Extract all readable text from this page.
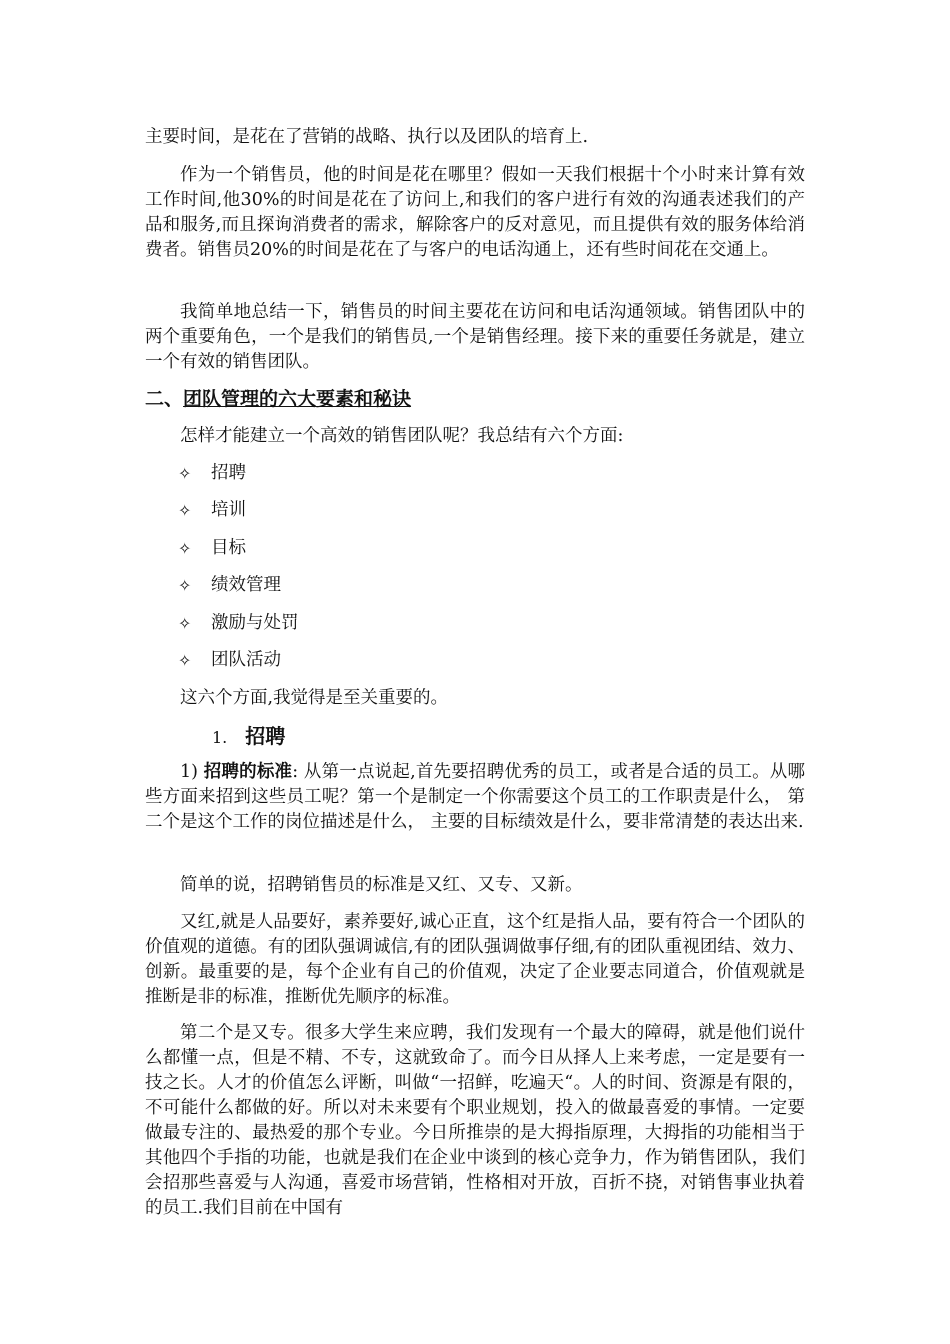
主要时间，是花在了营销的战略、执行以及团队的培育上.

作为一个销售员，他的时间是花在哪里？假如一天我们根据十个小时来计算有效工作时间,他30%的时间是花在了访问上,和我们的客户进行有效的沟通表述我们的产品和服务,而且探询消费者的需求，解除客户的反对意见，而且提供有效的服务体给消费者。销售员20%的时间是花在了与客户的电话沟通上，还有些时间花在交通上。

我简单地总结一下，销售员的时间主要花在访问和电话沟通领域。销售团队中的两个重要角色，一个是我们的销售员,一个是销售经理。接下来的重要任务就是，建立一个有效的销售团队。

二、团队管理的六大要素和秘诀
怎样才能建立一个高效的销售团队呢？我总结有六个方面:
✧	招聘
✧	培训
✧	目标
✧	绩效管理
✧	激励与处罚
✧	团队活动
这六个方面,我觉得是至关重要的。
1. 招聘

1) 招聘的标准: 从第一点说起,首先要招聘优秀的员工，或者是合适的员工。从哪些方面来招到这些员工呢？第一个是制定一个你需要这个员工的工作职责是什么， 第二个是这个工作的岗位描述是什么， 主要的目标绩效是什么，要非常清楚的表达出来.

简单的说，招聘销售员的标准是又红、又专、又新。

又红,就是人品要好，素养要好,诚心正直，这个红是指人品，要有符合一个团队的价值观的道德。有的团队强调诚信,有的团队强调做事仔细,有的团队重视团结、效力、创新。最重要的是，每个企业有自己的价值观，决定了企业要志同道合，价值观就是推断是非的标准，推断优先顺序的标准。

第二个是又专。很多大学生来应聘，我们发现有一个最大的障碍，就是他们说什么都懂一点，但是不精、不专，这就致命了。而今日从择人上来考虑，一定是要有一技之长。人才的价值怎么评断，叫做“一招鲜，吃遍天“。人的时间、资源是有限的，不可能什么都做的好。所以对未来要有个职业规划，投入的做最喜爱的事情。一定要做最专注的、最热爱的那个专业。今日所推崇的是大拇指原理，大拇指的功能相当于其他四个手指的功能，也就是我们在企业中谈到的核心竞争力，作为销售团队，我们会招那些喜爱与人沟通，喜爱市场营销，性格相对开放，百折不挠，对销售事业执着的员工.我们目前在中国有
